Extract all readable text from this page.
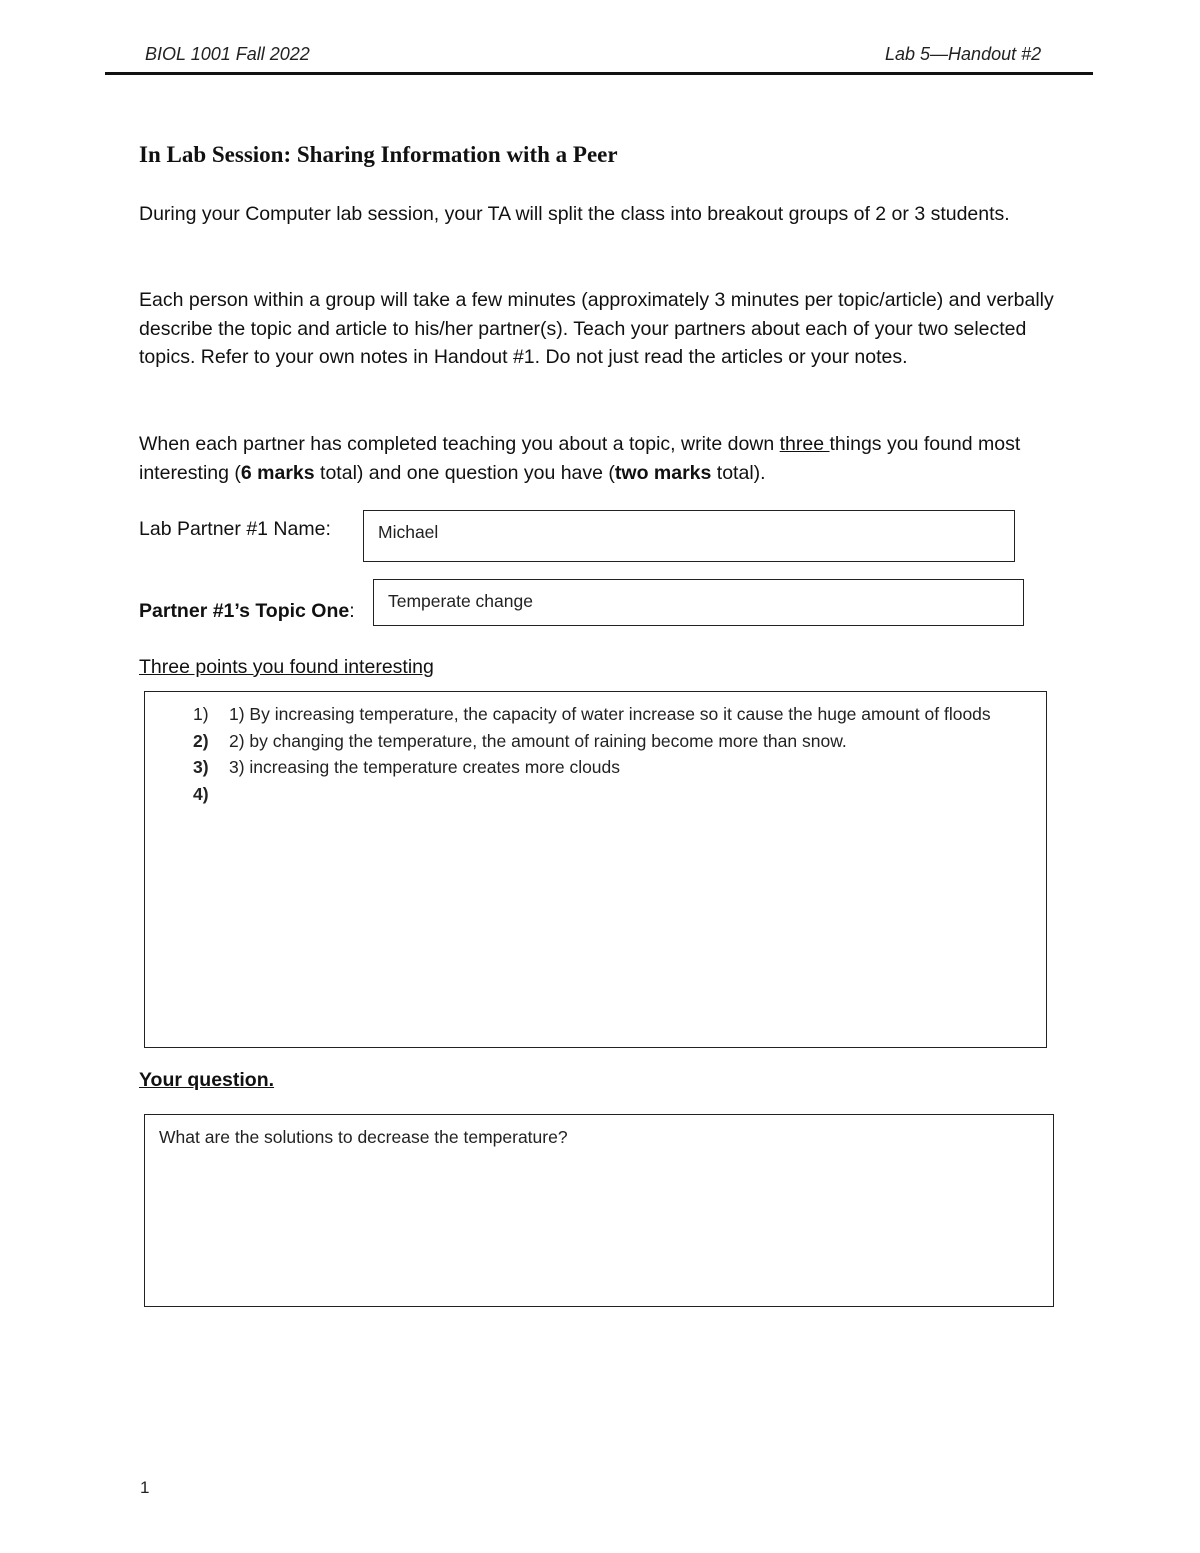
BIOL 1001 Fall 2022	Lab 5—Handout #2
In Lab Session: Sharing Information with a Peer

During your Computer lab session, your TA will split the class into breakout groups of 2 or 3 students.

Each person within a group will take a few minutes (approximately 3 minutes per topic/article) and verbally describe the topic and article to his/her partner(s). Teach your partners about each of your two selected topics. Refer to your own notes in Handout #1. Do not just read the articles or your notes.

When each partner has completed teaching you about a topic, write down three things you found most interesting (6 marks total) and one question you have (two marks total).

Lab Partner #1 Name:	Michael
Partner #1’s Topic One: Temperate change
Three points you found interesting
1)	1) By increasing temperature, the capacity of water increase so it cause the huge amount of floods
2)	2) by changing the temperature, the amount of raining become more than snow.
3)	3) increasing the temperature creates more clouds
4)
Your question.
What are the solutions to decrease the temperature?
1
